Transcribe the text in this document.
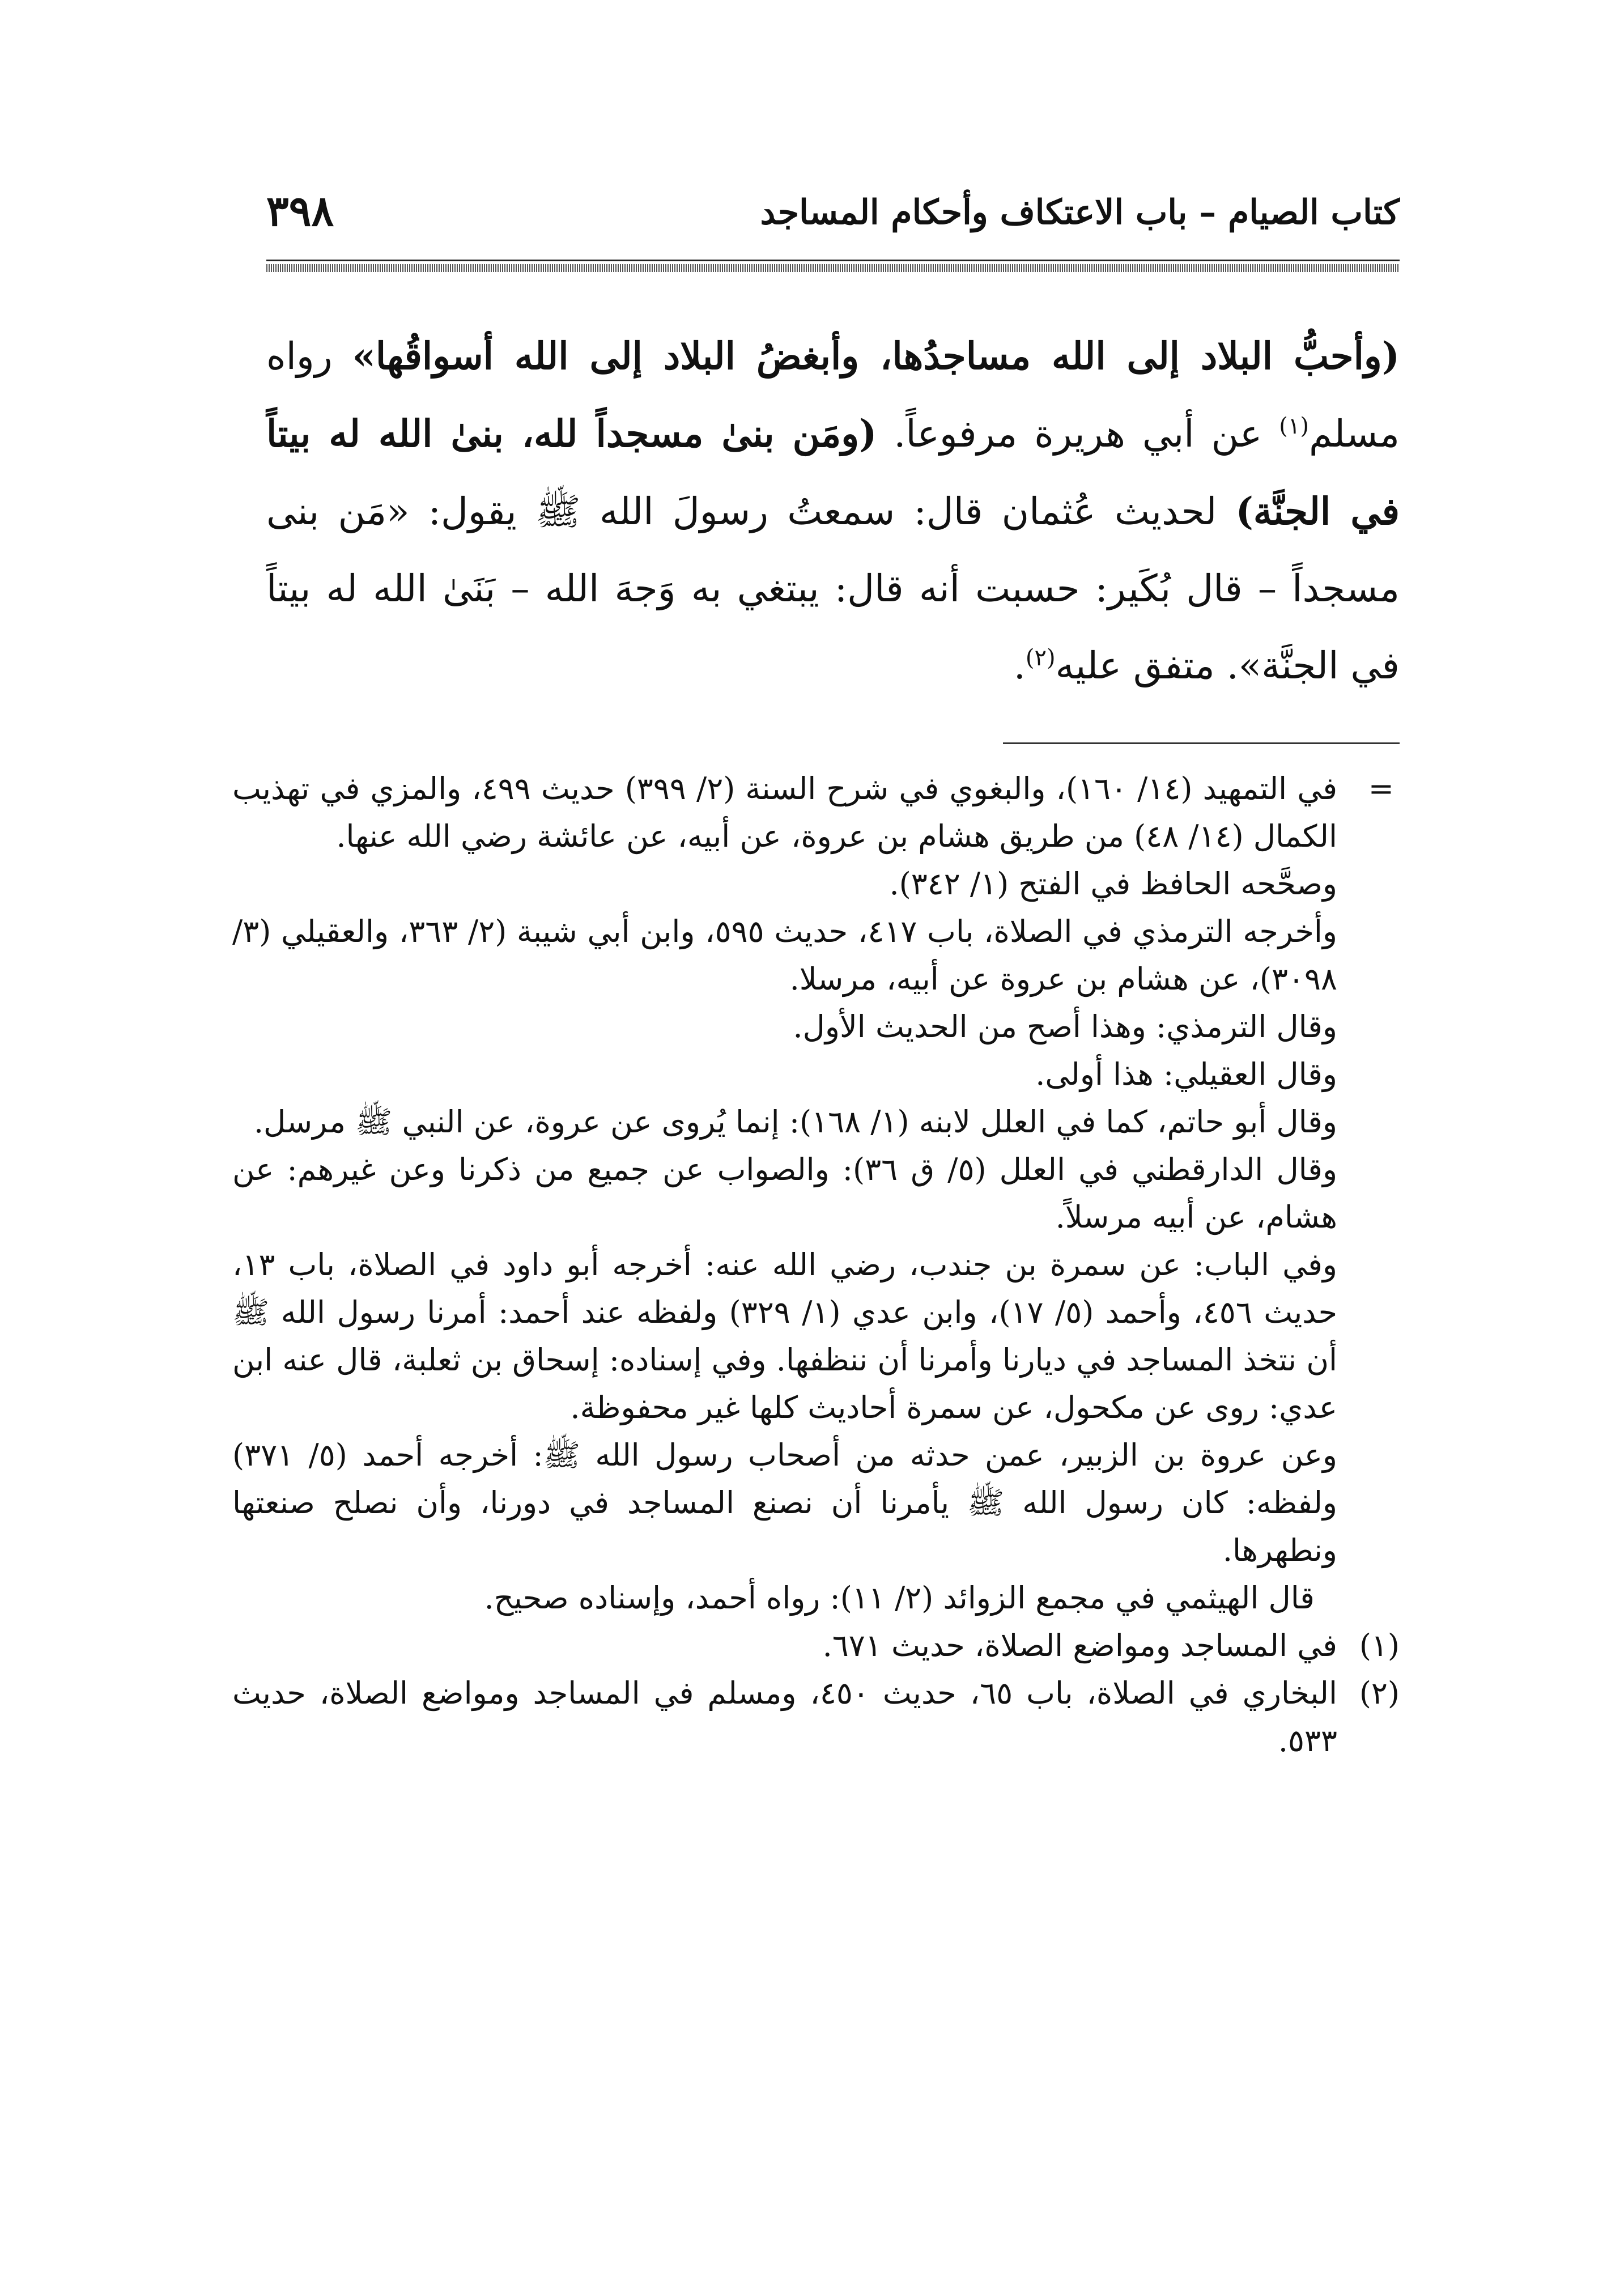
كتاب الصيام – باب الاعتكاف وأحكام المساجد
٣٩٨

(وأحبُّ البلاد إلى الله مساجدُها، وأبغضُ البلاد إلى الله أسواقُها» رواه مسلم$^{(١)}$ عن أبي هريرة مرفوعاً. (ومَن بنىٰ مسجداً لله، بنىٰ الله له بيتاً في الجنَّة) لحديث عُثمان قال: سمعتُ رسولَ الله ﷺ يقول: «مَن بنى مسجداً – قال بُكَير: حسبت أنه قال: يبتغي به وَجهَ الله – بَنَىٰ الله له بيتاً في الجنَّة». متفق عليه$^{(٢)}$.

=
في التمهيد (١٤/ ١٦٠)، والبغوي في شرح السنة (٢/ ٣٩٩) حديث ٤٩٩، والمزي في تهذيب الكمال (١٤/ ٤٨) من طريق هشام بن عروة، عن أبيه، عن عائشة رضي الله عنها.

وصحَّحه الحافظ في الفتح (١/ ٣٤٢).

وأخرجه الترمذي في الصلاة، باب ٤١٧، حديث ٥٩٥، وابن أبي شيبة (٢/ ٣٦٣، والعقيلي (٣/ ٣٠٩٨)، عن هشام بن عروة عن أبيه، مرسلا.

وقال الترمذي: وهذا أصح من الحديث الأول.

وقال العقيلي: هذا أولى.

وقال أبو حاتم، كما في العلل لابنه (١/ ١٦٨): إنما يُروى عن عروة، عن النبي ﷺ مرسل.

وقال الدارقطني في العلل (٥/ ق ٣٦): والصواب عن جميع من ذكرنا وعن غيرهم: عن هشام، عن أبيه مرسلاً.

وفي الباب: عن سمرة بن جندب، رضي الله عنه: أخرجه أبو داود في الصلاة، باب ١٣، حديث ٤٥٦، وأحمد (٥/ ١٧)، وابن عدي (١/ ٣٢٩) ولفظه عند أحمد: أمرنا رسول الله ﷺ أن نتخذ المساجد في ديارنا وأمرنا أن ننظفها. وفي إسناده: إسحاق بن ثعلبة، قال عنه ابن عدي: روى عن مكحول، عن سمرة أحاديث كلها غير محفوظة.

وعن عروة بن الزبير، عمن حدثه من أصحاب رسول الله ﷺ: أخرجه أحمد (٥/ ٣٧١) ولفظه: كان رسول الله ﷺ يأمرنا أن نصنع المساجد في دورنا، وأن نصلح صنعتها ونطهرها.

قال الهيثمي في مجمع الزوائد (٢/ ١١): رواه أحمد، وإسناده صحيح.

(١)
في المساجد ومواضع الصلاة، حديث ٦٧١.

(٢)
البخاري في الصلاة، باب ٦٥، حديث ٤٥٠، ومسلم في المساجد ومواضع الصلاة، حديث ٥٣٣.
